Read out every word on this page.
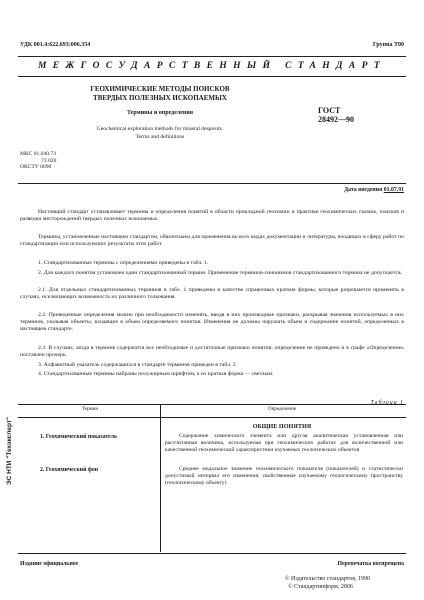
УДК 001.4:622.693:006.354	Группа Т00
МЕЖГОСУДАРСТВЕННЫЙ СТАНДАРТ
ГЕОХИМИЧЕСКИЕ МЕТОДЫ ПОИСКОВ
ТВЕРДЫХ ПОЛЕЗНЫХ ИСКОПАЕМЫХ
Термины и определения
Geochemical exploration methods for mineral desposits.
Terms and definitions
ГОСТ
28492—90
МКС 01.040.73
73.020
ОКСТУ 0090
Дата введения 01.07.91
Настоящий стандарт устанавливает термины и определения понятий в области прикладной геохимии и практике геохимических съемок, поисков и разведки месторождений твердых полезных ископаемых.
Термины, установленные настоящим стандартом, обязательны для применения во всех видах документации и литературы, входящих в сферу работ по стандартизации или использующих результаты этих работ.
1. Стандартизованные термины с определениями приведены в табл. 1.
2. Для каждого понятия установлен один стандартизованный термин. Применение терминов-синонимов стандартизованного термина не допускается.
2.1. Для отдельных стандартизованных терминов в табл. 1 приведены в качестве справочных краткие формы, которые разрешается применять в случаях, исключающих возможность их различного толкования.
2.2. Приведенные определения можно при необходимости изменять, вводя в них производные признаки, раскрывая значения используемых в них терминов, указывая объекты, входящие в объем определяемого понятия. Изменения не должны нарушать объем и содержание понятий, определенных в настоящем стандарте.
2.3. В случаях, когда в термине содержатся все необходимые и достаточные признаки понятия, определение не приведено и в графе «Определение» поставлен прочерк.
3. Алфавитный указатель содержащихся в стандарте терминов приведен в табл. 2.
4. Стандартизованные термины набраны полужирным шрифтом, а их краткая форма — светлым.
Таблица 1
Термин	Определение
ОБЩИЕ ПОНЯТИЯ
1. Геохимический показатель	Содержание химического элемента или другая аналитическая установленная или рассчитанная величина, используемая при геохимических работах для количественной или качественной геохимической характеристики изучаемых геологических объектов
2. Геохимический фон	Среднее модальное значение геохимического показателя (показателей) и статистически допустимый интервал его изменения, свойственные изучаемому геологическому пространству (геологическому объекту)
Издание официальное	Перепечатка воспрещена
© Издательство стандартов, 1990
© Стандартинформ, 2006
ЭС НТИ "Техэксперт"
